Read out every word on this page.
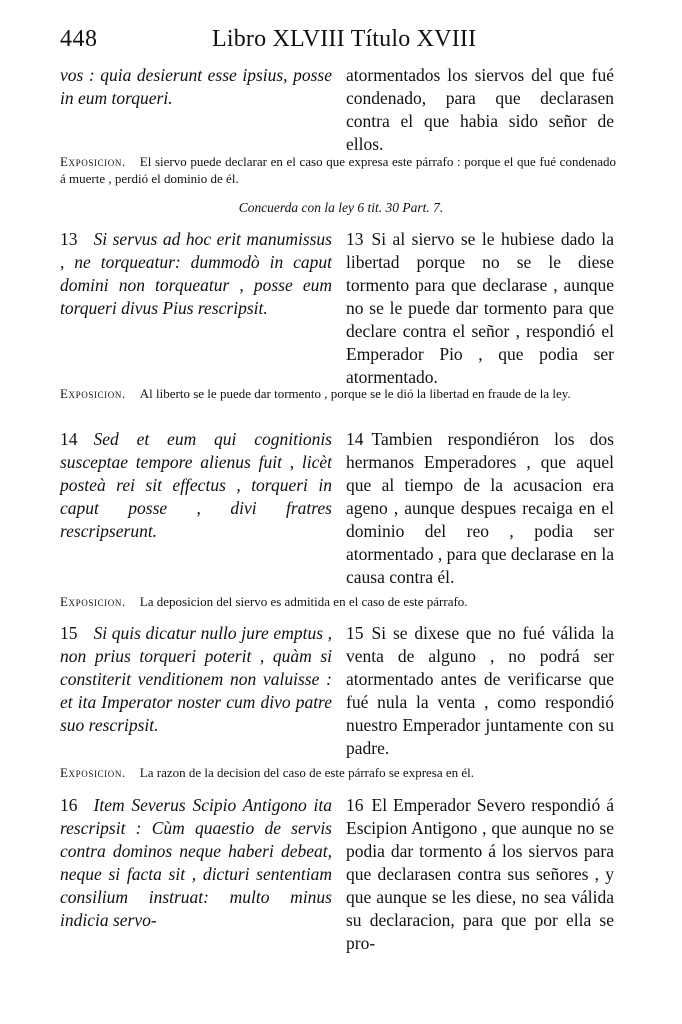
448	Libro XLVIII Título XVIII
vos : quia desierunt esse ipsius, posse in eum torqueri.
atormentados los siervos del que fué condenado, para que declarasen contra el que habia sido señor de ellos.
Exposicion. El siervo puede declarar en el caso que expresa este párrafo : porque el que fué condenado á muerte , perdió el dominio de él.
Concuerda con la ley 6 tit. 30 Part. 7.
13 Si servus ad hoc erit manumissus , ne torqueatur: dummodò in caput domini non torqueatur , posse eum torqueri divus Pius rescripsit.
13 Si al siervo se le hubiese dado la libertad porque no se le diese tormento para que declarase , aunque no se le puede dar tormento para que declare contra el señor , respondió el Emperador Pio , que podia ser atormentado.
Exposicion. Al liberto se le puede dar tormento , porque se le dió la libertad en fraude de la ley.
14 Sed et eum qui cognitionis susceptae tempore alienus fuit , licèt posteà rei sit effectus , torqueri in caput posse , divi fratres rescripserunt.
14 Tambien respondiéron los dos hermanos Emperadores , que aquel que al tiempo de la acusacion era ageno , aunque despues recaiga en el dominio del reo , podia ser atormentado , para que declarase en la causa contra él.
Exposicion. La deposicion del siervo es admitida en el caso de este párrafo.
15 Si quis dicatur nullo jure emptus , non prius torqueri poterit , quàm si constiterit venditionem non valuisse : et ita Imperator noster cum divo patre suo rescripsit.
15 Si se dixese que no fué válida la venta de alguno , no podrá ser atormentado antes de verificarse que fué nula la venta , como respondió nuestro Emperador juntamente con su padre.
Exposicion. La razon de la decision del caso de este párrafo se expresa en él.
16 Item Severus Scipio Antigono ita rescripsit : Cùm quaestio de servis contra dominos neque haberi debeat, neque si facta sit , dicturi sententiam consilium instruat: multo minus indicia servo-
16 El Emperador Severo respondió á Escipion Antigono , que aunque no se podia dar tormento á los siervos para que declarasen contra sus señores , y que aunque se les diese, no sea válida su declaracion, para que por ella se pro-
